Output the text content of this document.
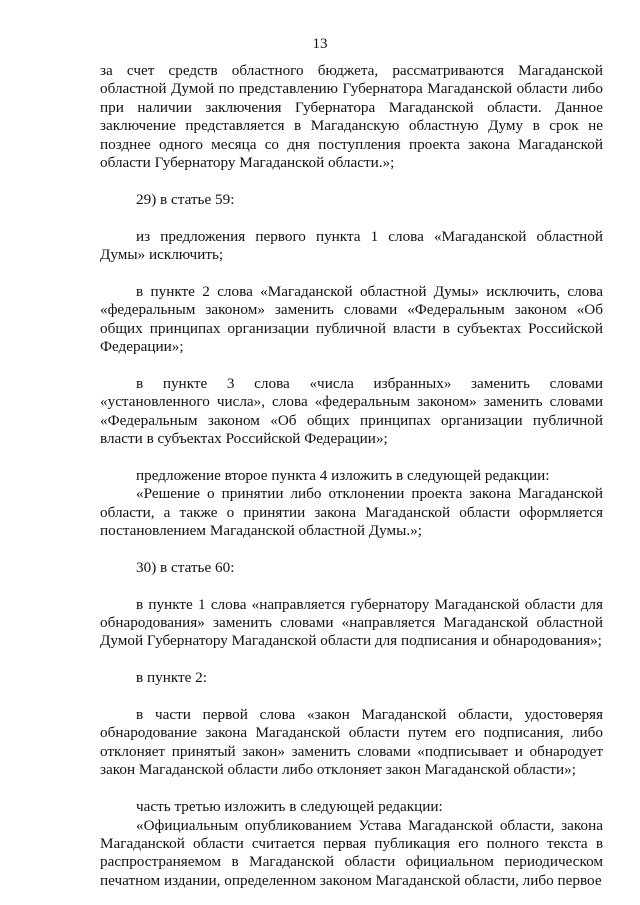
13

за счет средств областного бюджета, рассматриваются Магаданской областной Думой по представлению Губернатора Магаданской области либо при наличии заключения Губернатора Магаданской области. Данное заключение представляется в Магаданскую областную Думу в срок не позднее одного месяца со дня поступления проекта закона Магаданской области Губернатору Магаданской области.»;

29) в статье 59:

из предложения первого пункта 1 слова «Магаданской областной Думы» исключить;

в пункте 2 слова «Магаданской областной Думы» исключить, слова «федеральным законом» заменить словами «Федеральным законом «Об общих принципах организации публичной власти в субъектах Российской Федерации»;

в пункте 3 слова «числа избранных» заменить словами «установленного числа», слова «федеральным законом» заменить словами «Федеральным законом «Об общих принципах организации публичной власти в субъектах Российской Федерации»;

предложение второе пункта 4 изложить в следующей редакции:

«Решение о принятии либо отклонении проекта закона Магаданской области, а также о принятии закона Магаданской области оформляется постановлением Магаданской областной Думы.»;

30) в статье 60:

в пункте 1 слова «направляется губернатору Магаданской области для обнародования» заменить словами «направляется Магаданской областной Думой Губернатору Магаданской области для подписания и обнародования»;

в пункте 2:

в части первой слова «закон Магаданской области, удостоверяя обнародование закона Магаданской области путем его подписания, либо отклоняет принятый закон» заменить словами «подписывает и обнародует закон Магаданской области либо отклоняет закон Магаданской области»;

часть третью изложить в следующей редакции:

«Официальным опубликованием Устава Магаданской области, закона Магаданской области считается первая публикация его полного текста в распространяемом в Магаданской области официальном периодическом печатном издании, определенном законом Магаданской области, либо первое
